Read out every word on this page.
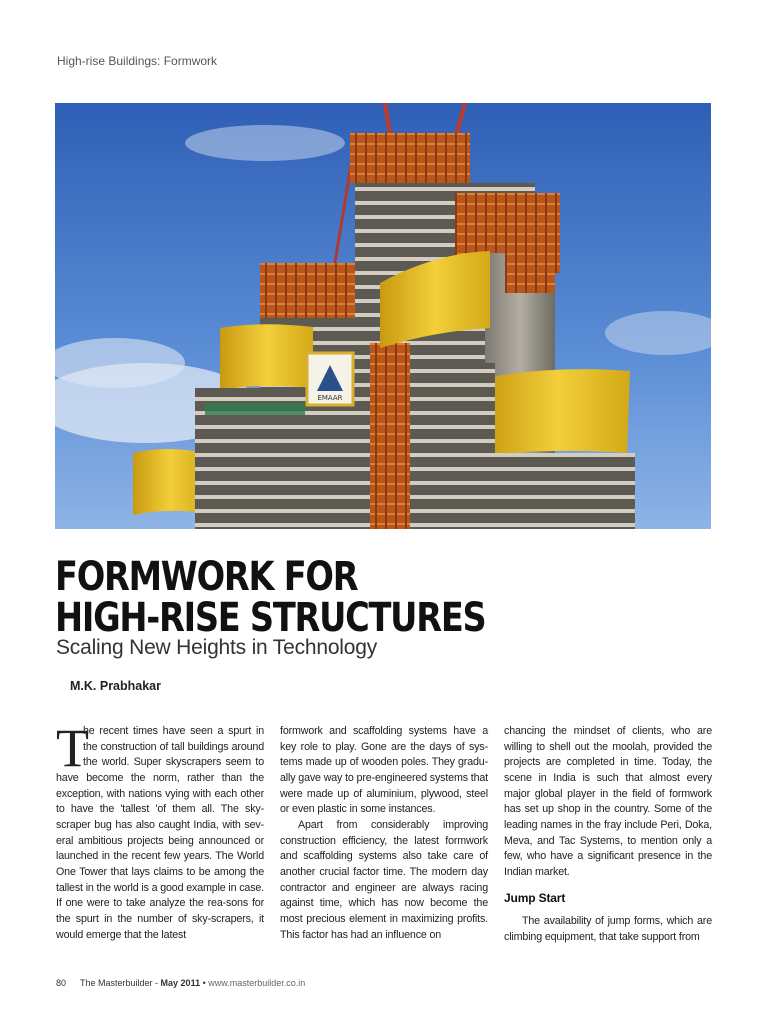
High-rise Buildings: Formwork
EMAAR
FORMWORK FOR
HIGH-RISE STRUCTURES
Scaling New Heights in Technology
M.K. Prabhakar

T
he recent times have seen a spurt in the construction of tall buildings around the world. Super skyscrapers seem to have become the norm, rather than the exception, with nations vying with each other to have the 'tallest 'of them all. The sky-scraper bug has also caught India, with sev-eral ambitious projects being announced or launched in the recent few years. The World One Tower that lays claims to be among the tallest in the world is a good example in case. If one were to take analyze the rea-sons for the spurt in the number of sky-scrapers, it would emerge that the latest

formwork and scaffolding systems have a key role to play. Gone are the days of sys-tems made up of wooden poles. They gradu-ally gave way to pre-engineered systems that were made up of aluminium, plywood, steel or even plastic in some instances.

Apart from considerably improving construction efficiency, the latest formwork and scaffolding systems also take care of another crucial factor time. The modern day contractor and engineer are always racing against time, which has now become the most precious element in maximizing profits. This factor has had an influence on

chancing the mindset of clients, who are willing to shell out the moolah, provided the projects are completed in time. Today, the scene in India is such that almost every major global player in the field of formwork has set up shop in the country. Some of the leading names in the fray include Peri, Doka, Meva, and Tac Systems, to mention only a few, who have a significant presence in the Indian market.

Jump Start

The availability of jump forms, which are climbing equipment, that take support from

80 The Masterbuilder - May 2011 • www.masterbuilder.co.in
